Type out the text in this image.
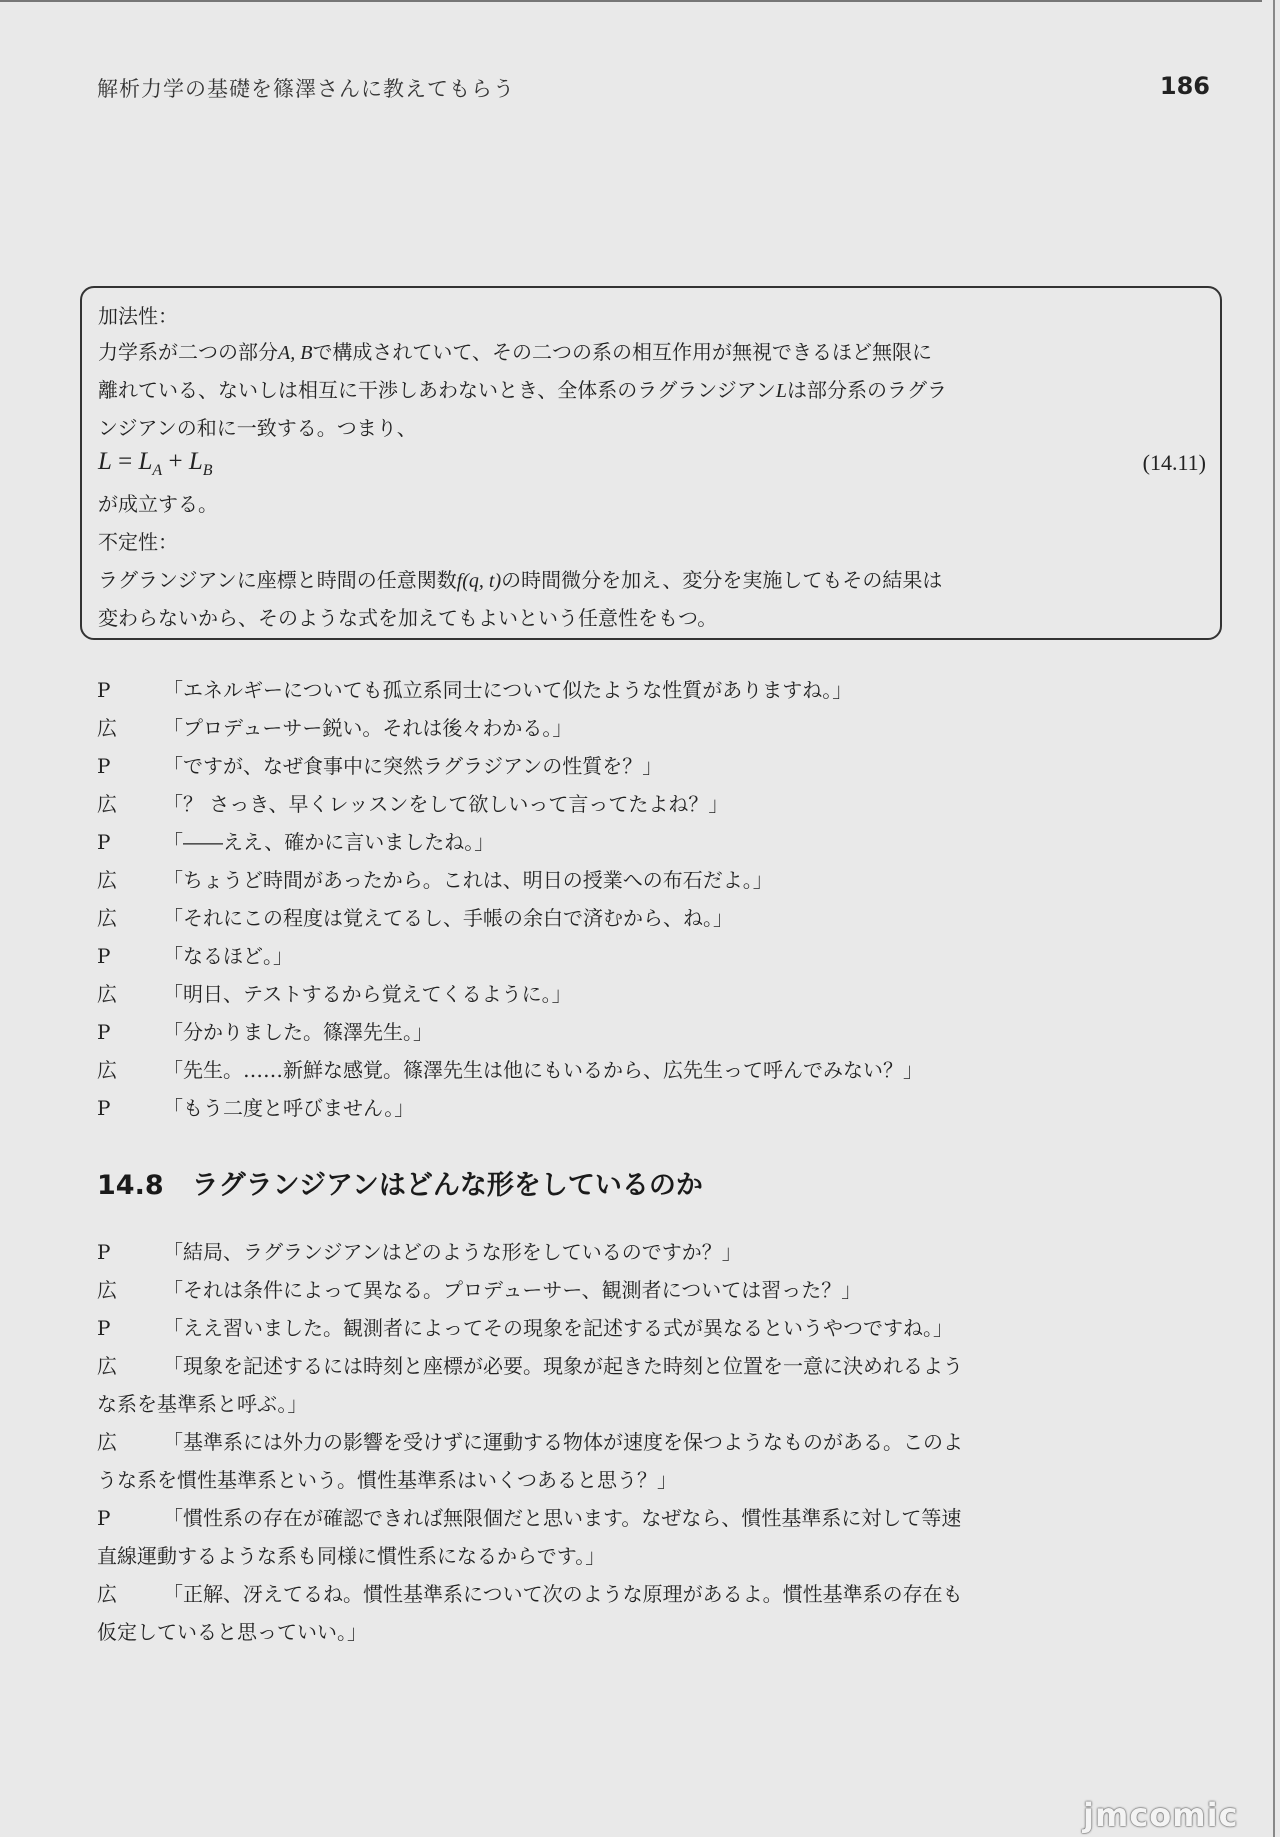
解析力学の基礎を篠澤さんに教えてもらう	186
加法性：
力学系が二つの部分A, Bで構成されていて、その二つの系の相互作用が無視できるほど無限に
離れている、ないしは相互に干渉しあわないとき、全体系のラグランジアンLは部分系のラグラ
ンジアンの和に一致する。つまり、
$L = L_A + L_B$	(14.11)
が成立する。
不定性：
ラグランジアンに座標と時間の任意関数f(q, t)の時間微分を加え、変分を実施してもその結果は
変わらないから、そのような式を加えてもよいという任意性をもつ。
P	「エネルギーについても孤立系同士について似たような性質がありますね。」
広 「プロデューサー鋭い。それは後々わかる。」
P	「ですが、なぜ食事中に突然ラグラジアンの性質を？」
広 「？ さっき、早くレッスンをして欲しいって言ってたよね？」
P	「――ええ、確かに言いましたね。」
広 「ちょうど時間があったから。これは、明日の授業への布石だよ。」
広 「それにこの程度は覚えてるし、手帳の余白で済むから、ね。」
P	「なるほど。」
広 「明日、テストするから覚えてくるように。」
P	「分かりました。篠澤先生。」
広 「先生。……新鮮な感覚。篠澤先生は他にもいるから、広先生って呼んでみない？」
P	「もう二度と呼びません。」
14.8 ラグランジアンはどんな形をしているのか
P	「結局、ラグランジアンはどのような形をしているのですか？」
広 「それは条件によって異なる。プロデューサー、観測者については習った？」
P	「ええ習いました。観測者によってその現象を記述する式が異なるというやつですね。」
広 「現象を記述するには時刻と座標が必要。現象が起きた時刻と位置を一意に決めれるよう
な系を基準系と呼ぶ。」
広 「基準系には外力の影響を受けずに運動する物体が速度を保つようなものがある。このよ
うな系を慣性基準系という。慣性基準系はいくつあると思う？」
P	「慣性系の存在が確認できれば無限個だと思います。なぜなら、慣性基準系に対して等速
直線運動するような系も同様に慣性系になるからです。」
広 「正解、冴えてるね。慣性基準系について次のような原理があるよ。慣性基準系の存在も
仮定していると思っていい。」
jmcomic
